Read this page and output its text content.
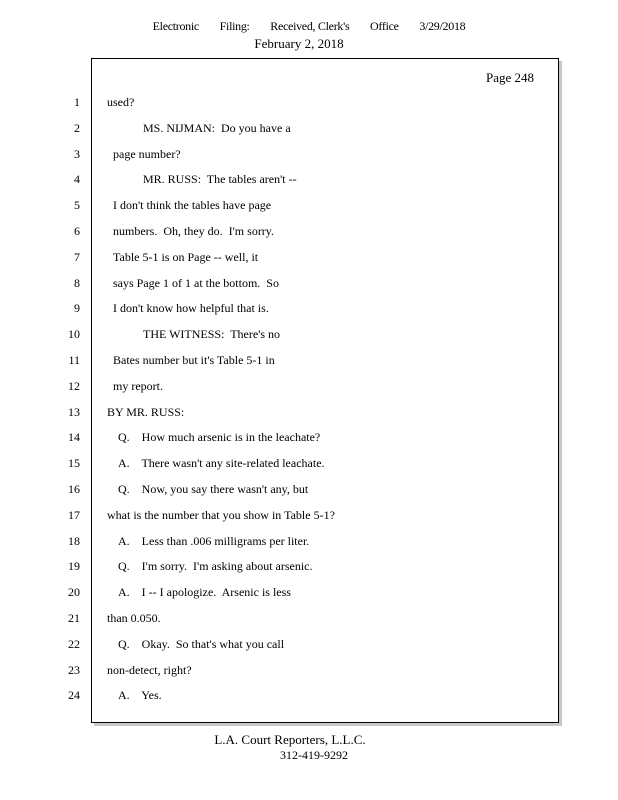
Electronic Filing: Received, Clerk's Office 3/29/2018
February 2, 2018
Page 248
1 used?
2	MS. NIJMAN:  Do you have a
3	page number?
4	MR. RUSS:  The tables aren't --
5	I don't think the tables have page
6	numbers.  Oh, they do.  I'm sorry.
7	Table 5-1 is on Page -- well, it
8	says Page 1 of 1 at the bottom.  So
9	I don't know how helpful that is.
10	THE WITNESS:  There's no
11	Bates number but it's Table 5-1 in
12	my report.
13 BY MR. RUSS:
14	Q.    How much arsenic is in the leachate?
15	A.    There wasn't any site-related leachate.
16	Q.    Now, you say there wasn't any, but
17 what is the number that you show in Table 5-1?
18	A.    Less than .006 milligrams per liter.
19	Q.    I'm sorry.  I'm asking about arsenic.
20	A.    I -- I apologize.  Arsenic is less
21 than 0.050.
22	Q.    Okay.  So that's what you call
23 non-detect, right?
24	A.    Yes.
L.A. Court Reporters, L.L.C.
312-419-9292
